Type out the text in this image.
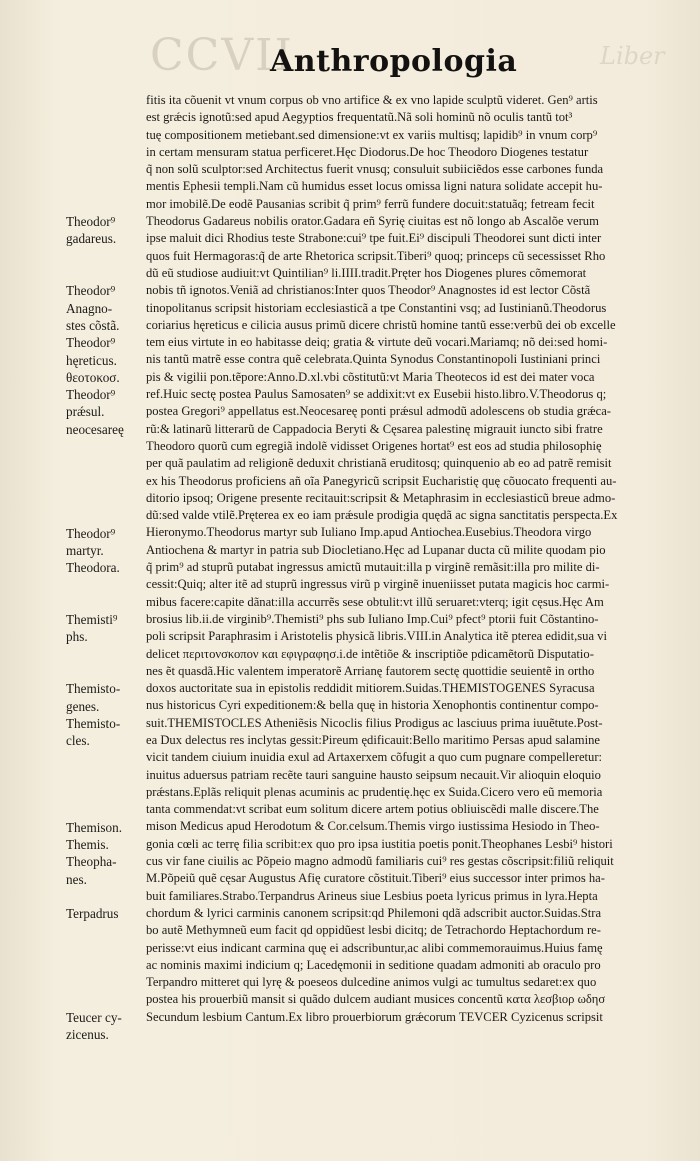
CCVII	Liber
Anthropologia
Theodor⁹
gadareus.
Theodor⁹
Anagno-
stes cõstã.
Theodor⁹
hęreticus.
θεοτοκοσ.
Theodor⁹
prǽsul.
neocesareę
Theodor⁹
martyr.
Theodora.
Themisti⁹
phs.
Themisto-
genes.
Themisto-
cles.
Themison.
Themis.
Theopha-
nes.
Terpadrus
Teucer cy-
zicenus.
fitis ita cõuenit vt vnum corpus ob vno artifice & ex vno lapide sculptũ videret. Gen⁹ artis
est grǽcis ignotũ:sed apud Aegyptios frequentatũ.Nã soli hominũ nõ oculis tantũ tot³
tuę compositionem metiebant.sed dimensione:vt ex variis multisq; lapidib⁹ in vnum corp⁹
in certam mensuram statua perficeret.Hęc Diodorus.De hoc Theodoro Diogenes testatur
q̃ non solũ sculptor:sed Architectus fuerit vnusq; consuluit subiiciẽdos esse carbones funda
mentis Ephesii templi.Nam cũ humidus esset locus omissa ligni natura solidate accepit hu-
mor imobilẽ.De eodẽ Pausanias scribit q̃ prim⁹ ferrũ fundere docuit:statuãq; fetream fecit
Theodorus Gadareus nobilis orator.Gadara eñ Syrię ciuitas est nõ longo ab Ascalõe verum
ipse maluit dici Rhodius teste Strabone:cui⁹ tpe fuit.Ei⁹ discipuli Theodorei sunt dicti inter
quos fuit Hermagoras:q̃ de arte Rhetorica scripsit.Tiberi⁹ quoq; princeps cũ secessisset Rho
dũ eũ studiose audiuit:vt Quintilian⁹ li.IIII.tradit.Pręter hos Diogenes plures cõmemorat
nobis tñ ignotos.Veniã ad christianos:Inter quos Theodor⁹ Anagnostes id est lector Cõstã
tinopolitanus scripsit historiam ecclesiasticã a tpe Constantini vsq; ad Iustinianũ.Theodorus
coriarius hęreticus e cilicia ausus primũ dicere christũ homine tantũ esse:verbũ dei ob excelle
tem eius virtute in eo habitasse deiq; gratia & virtute deũ vocari.Mariamq; nõ dei:sed homi-
nis tantũ matrẽ esse contra quẽ celebrata.Quinta Synodus Constantinopoli Iustiniani princi
pis & vigilii pon.tẽpore:Anno.D.xl.vbi cõstitutũ:vt Maria Theotecos id est dei mater voca
ref.Huic sectę postea Paulus Samosaten⁹ se addixit:vt ex Eusebii histo.libro.V.Theodorus q;
postea Gregori⁹ appellatus est.Neocesareę ponti prǽsul admodũ adolescens ob studia grǽca-
rũ:& latinarũ litterarũ de Cappadocia Beryti & Cęsarea palestinę migrauit iuncto sibi fratre
Theodoro quorũ cum egregiã indolẽ vidisset Origenes hortat⁹ est eos ad studia philosophię
per quã paulatim ad religionẽ deduxit christianã eruditosq; quinquenio ab eo ad patrẽ remisit
ex his Theodorus proficiens añ oĩa Panegyricũ scripsit Eucharistię quę cõuocato frequenti au-
ditorio ipsoq; Origene presente recitauit:scripsit & Metaphrasim in ecclesiasticũ breue admo-
dũ:sed valde vtilẽ.Pręterea ex eo iam prǽsule prodigia quędã ac signa sanctitatis perspecta.Ex
Hieronymo.Theodorus martyr sub Iuliano Imp.apud Antiochea.Eusebius.Theodora virgo
Antiochena & martyr in patria sub Diocletiano.Hęc ad Lupanar ducta cũ milite quodam pio
q̃ prim⁹ ad stuprũ putabat ingressus amictũ mutauit:illa p virginẽ remãsit:illa pro milite di-
cessit:Quiq; alter itẽ ad stuprũ ingressus virũ p virginẽ inueniisset putata magicis hoc carmi-
mibus facere:capite dãnat:illa accurrẽs sese obtulit:vt illũ seruaret:vterq; igit cęsus.Hęc Am
brosius lib.ii.de virginib⁹.Themisti⁹ phs sub Iuliano Imp.Cui⁹ pfect⁹ ptorii fuit Cõstantino-
poli scripsit Paraphrasim i Aristotelis physicã libris.VIII.in Analytica itẽ pterea edidit,sua vi
delicet περιτονσκοπον και εφιγραφησ.i.de intẽtiõe & inscriptiõe pdicamẽtorũ Disputatio-
nes ẽt quasdã.Hic valentem imperatorẽ Arrianę fautorem sectę quottidie seuientẽ in ortho
doxos auctoritate sua in epistolis reddidit mitiorem.Suidas.THEMISTOGENES Syracusa
nus historicus Cyri expeditionem:& bella quę in historia Xenophontis continentur compo-
suit.THEMISTOCLES Atheniẽsis Nicoclis filius Prodigus ac lasciuus prima iuuẽtute.Post-
ea Dux delectus res inclytas gessit:Pireum ędificauit:Bello maritimo Persas apud salamine
vicit tandem ciuium inuidia exul ad Artaxerxem cõfugit a quo cum pugnare compelleretur:
inuitus aduersus patriam recẽte tauri sanguine hausto seipsum necauit.Vir alioquin eloquio
prǽstans.Eplãs reliquit plenas acuminis ac prudentię.hęc ex Suida.Cicero vero eũ memoria
tanta commendat:vt scribat eum solitum dicere artem potius obliuiscẽdi malle discere.The
mison Medicus apud Herodotum & Cor.celsum.Themis virgo iustissima Hesiodo in Theo-
gonia cœli ac terrę filia scribit:ex quo pro ipsa iustitia poetis ponit.Theophanes Lesbi⁹ histori
cus vir fane ciuilis ac Põpeio magno admodũ familiaris cui⁹ res gestas cõscripsit:filiũ reliquit
M.Põpeiũ quẽ cęsar Augustus Afię curatore cõstituit.Tiberi⁹ eius successor inter primos ha-
buit familiares.Strabo.Terpandrus Arineus siue Lesbius poeta lyricus primus in lyra.Hepta
chordum & lyrici carminis canonem scripsit:qd Philemoni qdã adscribit auctor.Suidas.Stra
bo autẽ Methymneũ eum facit qd oppidũest lesbi dicitq; de Tetrachordo Heptachordum re-
perisse:vt eius indicant carmina quę ei adscribuntur,ac alibi commemorauimus.Huius famę
ac nominis maximi indicium q; Lacedęmonii in seditione quadam admoniti ab oraculo pro
Terpandro mitteret qui lyrę & poeseos dulcedine animos vulgi ac tumultus sedaret:ex quo
postea his prouerbiũ mansit si quãdo dulcem audiant musices concentũ κατα λεσβιορ ωδησ
Secundum lesbium Cantum.Ex libro prouerbiorum grǽcorum TEVCER Cyzicenus scripsit
